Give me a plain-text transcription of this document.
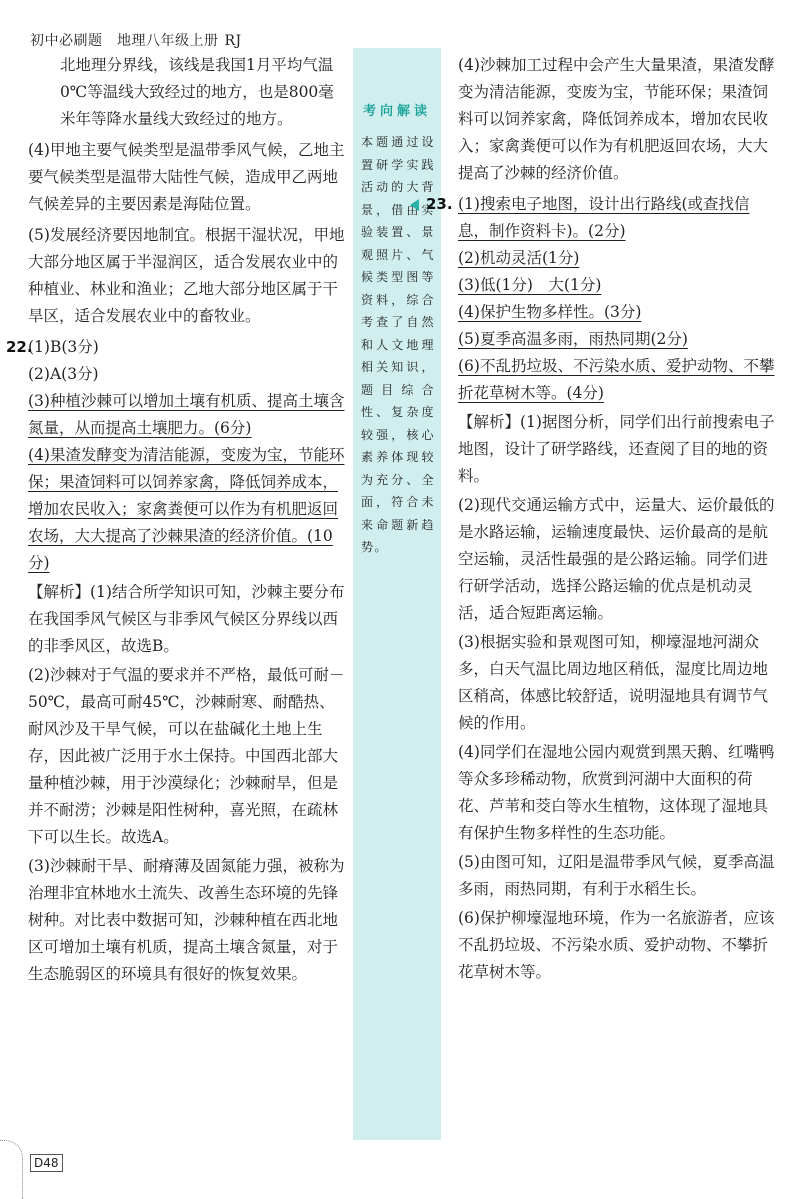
初中必刷题　地理八年级上册 RJ

北地理分界线，该线是我国1月平均气温0℃等温线大致经过的地方，也是800毫米年等降水量线大致经过的地方。

(4)甲地主要气候类型是温带季风气候，乙地主要气候类型是温带大陆性气候，造成甲乙两地气候差异的主要因素是海陆位置。

(5)发展经济要因地制宜。根据干湿状况，甲地大部分地区属于半湿润区，适合发展农业中的种植业、林业和渔业；乙地大部分地区属于干旱区，适合发展农业中的畜牧业。

22.

(1)B(3分)

(2)A(3分)

(3)种植沙棘可以增加土壤有机质、提高土壤含氮量，从而提高土壤肥力。(6分)

(4)果渣发酵变为清洁能源，变废为宝，节能环保；果渣饲料可以饲养家禽，降低饲养成本，增加农民收入；家禽粪便可以作为有机肥返回农场，大大提高了沙棘果渣的经济价值。(10分)

【解析】(1)结合所学知识可知，沙棘主要分布在我国季风气候区与非季风气候区分界线以西的非季风区，故选B。

(2)沙棘对于气温的要求并不严格，最低可耐－50℃，最高可耐45℃，沙棘耐寒、耐酷热、耐风沙及干旱气候，可以在盐碱化土地上生存，因此被广泛用于水土保持。中国西北部大量种植沙棘，用于沙漠绿化；沙棘耐旱，但是并不耐涝；沙棘是阳性树种，喜光照，在疏林下可以生长。故选A。

(3)沙棘耐干旱、耐瘠薄及固氮能力强，被称为治理非宜林地水土流失、改善生态环境的先锋树种。对比表中数据可知，沙棘种植在西北地区可增加土壤有机质，提高土壤含氮量，对于生态脆弱区的环境具有很好的恢复效果。

考向解读
本题通过设置研学实践活动的大背景，借由实验装置、景观照片、气候类型图等资料，综合考查了自然和人文地理相关知识，题目综合性、复杂度较强，核心素养体现较为充分、全面，符合未来命题新趋势。

(4)沙棘加工过程中会产生大量果渣，果渣发酵变为清洁能源，变废为宝，节能环保；果渣饲料可以饲养家禽，降低饲养成本，增加农民收入；家禽粪便可以作为有机肥返回农场，大大提高了沙棘的经济价值。

23. (1)搜索电子地图，设计出行路线(或查找信息，制作资料卡)。(2分)

(2)机动灵活(1分)

(3)低(1分)　大(1分)

(4)保护生物多样性。(3分)

(5)夏季高温多雨，雨热同期(2分)

(6)不乱扔垃圾、不污染水质、爱护动物、不攀折花草树木等。(4分)

【解析】(1)据图分析，同学们出行前搜索电子地图，设计了研学路线，还查阅了目的地的资料。

(2)现代交通运输方式中，运量大、运价最低的是水路运输，运输速度最快、运价最高的是航空运输，灵活性最强的是公路运输。同学们进行研学活动，选择公路运输的优点是机动灵活，适合短距离运输。

(3)根据实验和景观图可知，柳壕湿地河湖众多，白天气温比周边地区稍低，湿度比周边地区稍高，体感比较舒适，说明湿地具有调节气候的作用。

(4)同学们在湿地公园内观赏到黑天鹅、红嘴鸭等众多珍稀动物，欣赏到河湖中大面积的荷花、芦苇和茭白等水生植物，这体现了湿地具有保护生物多样性的生态功能。

(5)由图可知，辽阳是温带季风气候，夏季高温多雨，雨热同期，有利于水稻生长。

(6)保护柳壕湿地环境，作为一名旅游者，应该不乱扔垃圾、不污染水质、爱护动物、不攀折花草树木等。

D48
